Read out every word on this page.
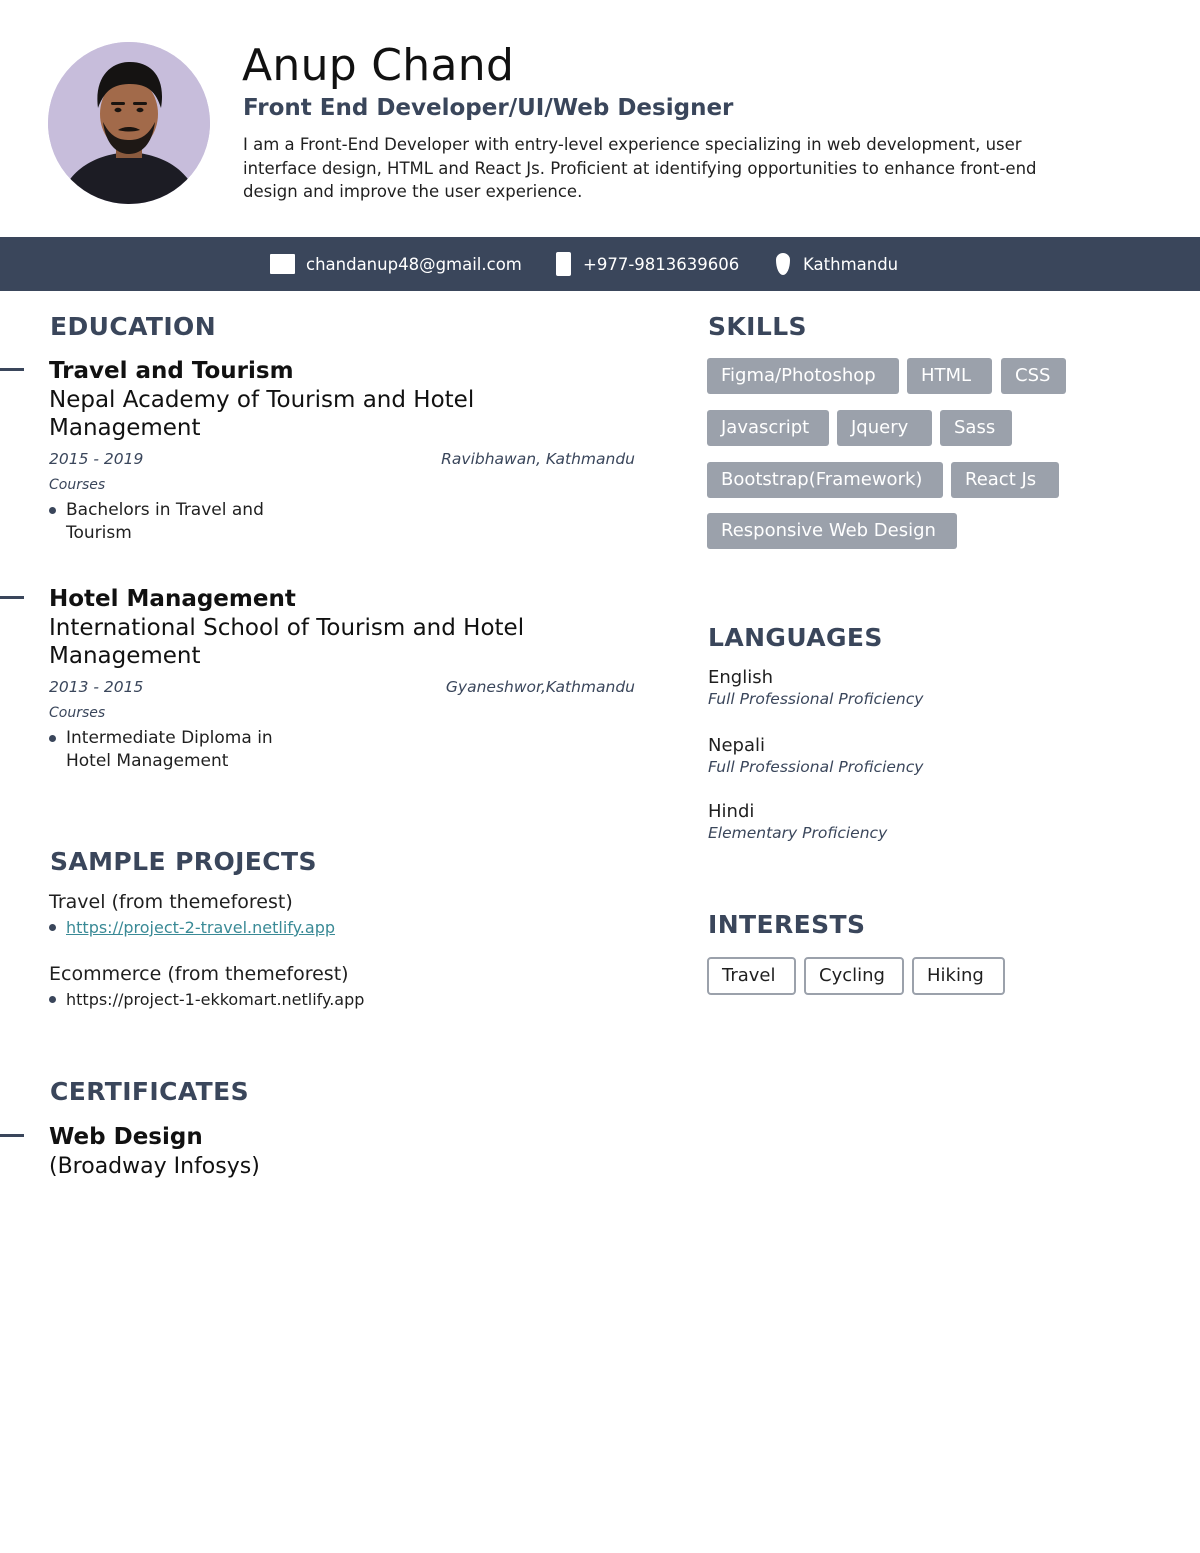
Anup Chand
Front End Developer/UI/Web Designer

I am a Front-End Developer with entry-level experience specializing in web development, user interface design, HTML and React Js. Proficient at identifying opportunities to enhance front-end design and improve the user experience.

chandanup48@gmail.com	+977-9813639606	Kathmandu
EDUCATION
Travel and Tourism
Nepal Academy of Tourism and Hotel Management
2015 - 2019	Ravibhawan, Kathmandu
Courses
Bachelors in Travel and Tourism
Hotel Management
International School of Tourism and Hotel Management
2013 - 2015	Gyaneshwor,Kathmandu
Courses
Intermediate Diploma in Hotel Management
SAMPLE PROJECTS
Travel (from themeforest)
https://project-2-travel.netlify.app
Ecommerce (from themeforest)
https://project-1-ekkomart.netlify.app
CERTIFICATES
Web Design
(Broadway Infosys)
SKILLS
Figma/Photoshop	HTML	CSS
Javascript	Jquery	Sass
Bootstrap(Framework)	React Js
Responsive Web Design
LANGUAGES
English
Full Professional Proficiency
Nepali
Full Professional Proficiency
Hindi
Elementary Proficiency
INTERESTS
Travel	Cycling	Hiking
